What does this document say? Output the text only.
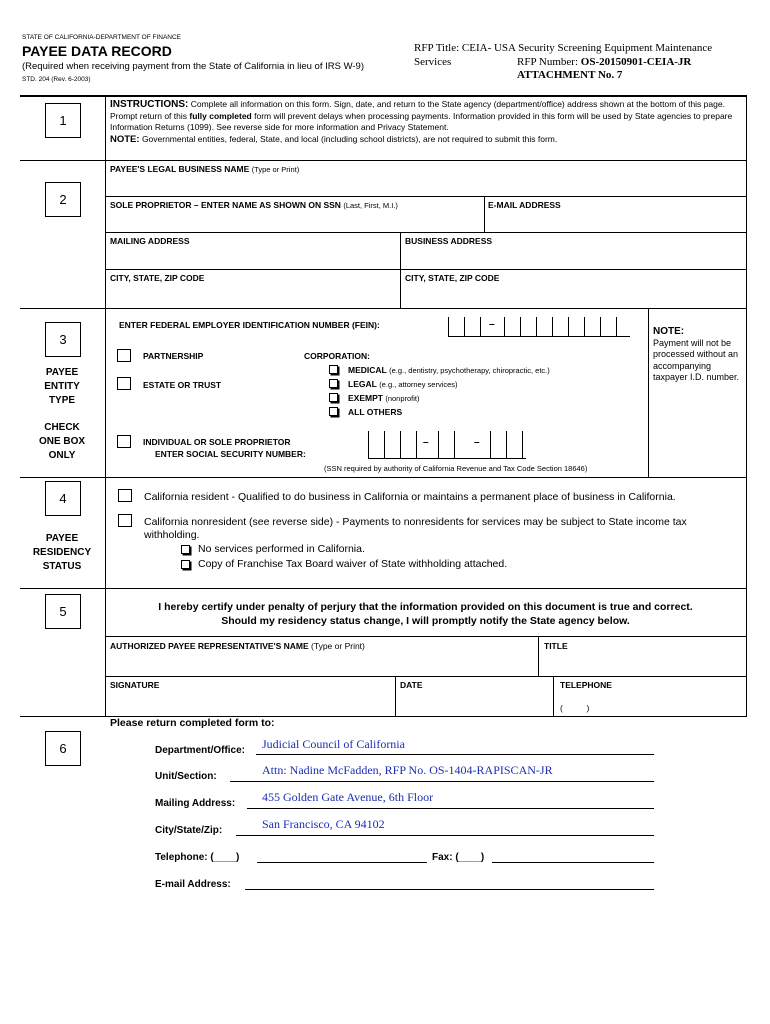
STATE OF CALIFORNIA-DEPARTMENT OF FINANCE
PAYEE DATA RECORD
(Required when receiving payment from the State of California in lieu of IRS W-9)
STD. 204 (Rev. 6-2003)
RFP Title: CEIA- USA Security Screening Equipment Maintenance
Services	RFP Number: OS-20150901-CEIA-JR
ATTACHMENT No. 7
1
INSTRUCTIONS: Complete all information on this form. Sign, date, and return to the State agency (department/office) address shown at the bottom of this page. Prompt return of this fully completed form will prevent delays when processing payments. Information provided in this form will be used by State agencies to prepare Information Returns (1099). See reverse side for more information and Privacy Statement.
NOTE: Governmental entities, federal, State, and local (including school districts), are not required to submit this form.
2
PAYEE'S LEGAL BUSINESS NAME (Type or Print)
SOLE PROPRIETOR – ENTER NAME AS SHOWN ON SSN (Last, First, M.I.)	E-MAIL ADDRESS
MAILING ADDRESS	BUSINESS ADDRESS
CITY, STATE, ZIP CODE	CITY, STATE, ZIP CODE
3
PAYEE
ENTITY
TYPE
CHECK
ONE BOX
ONLY
ENTER FEDERAL EMPLOYER IDENTIFICATION NUMBER (FEIN):	–
NOTE:
Payment will not be processed without an accompanying taxpayer I.D. number.
PARTNERSHIP
ESTATE OR TRUST
CORPORATION:
MEDICAL (e.g., dentistry, psychotherapy, chiropractic, etc.)
LEGAL (e.g., attorney services)
EXEMPT (nonprofit)
ALL OTHERS
INDIVIDUAL OR SOLE PROPRIETOR
ENTER SOCIAL SECURITY NUMBER:
–	–
(SSN required by authority of California Revenue and Tax Code Section 18646)
4
PAYEE
RESIDENCY
STATUS
California resident - Qualified to do business in California or maintains a permanent place of business in California.
California nonresident (see reverse side) - Payments to nonresidents for services may be subject to State income tax withholding.
No services performed in California.
Copy of Franchise Tax Board waiver of State withholding attached.
5	I hereby certify under penalty of perjury that the information provided on this document is true and correct.
Should my residency status change, I will promptly notify the State agency below.
AUTHORIZED PAYEE REPRESENTATIVE'S NAME (Type or Print)	TITLE
SIGNATURE	DATE	TELEPHONE
(          )
6
Please return completed form to:
Department/Office: Judicial Council of California
Unit/Section:	Attn: Nadine McFadden, RFP No. OS-1404-RAPISCAN-JR
Mailing Address: 455 Golden Gate Avenue, 6th Floor
City/State/Zip:	San Francisco, CA 94102
Telephone: (____)	Fax: (____)
E-mail Address:
